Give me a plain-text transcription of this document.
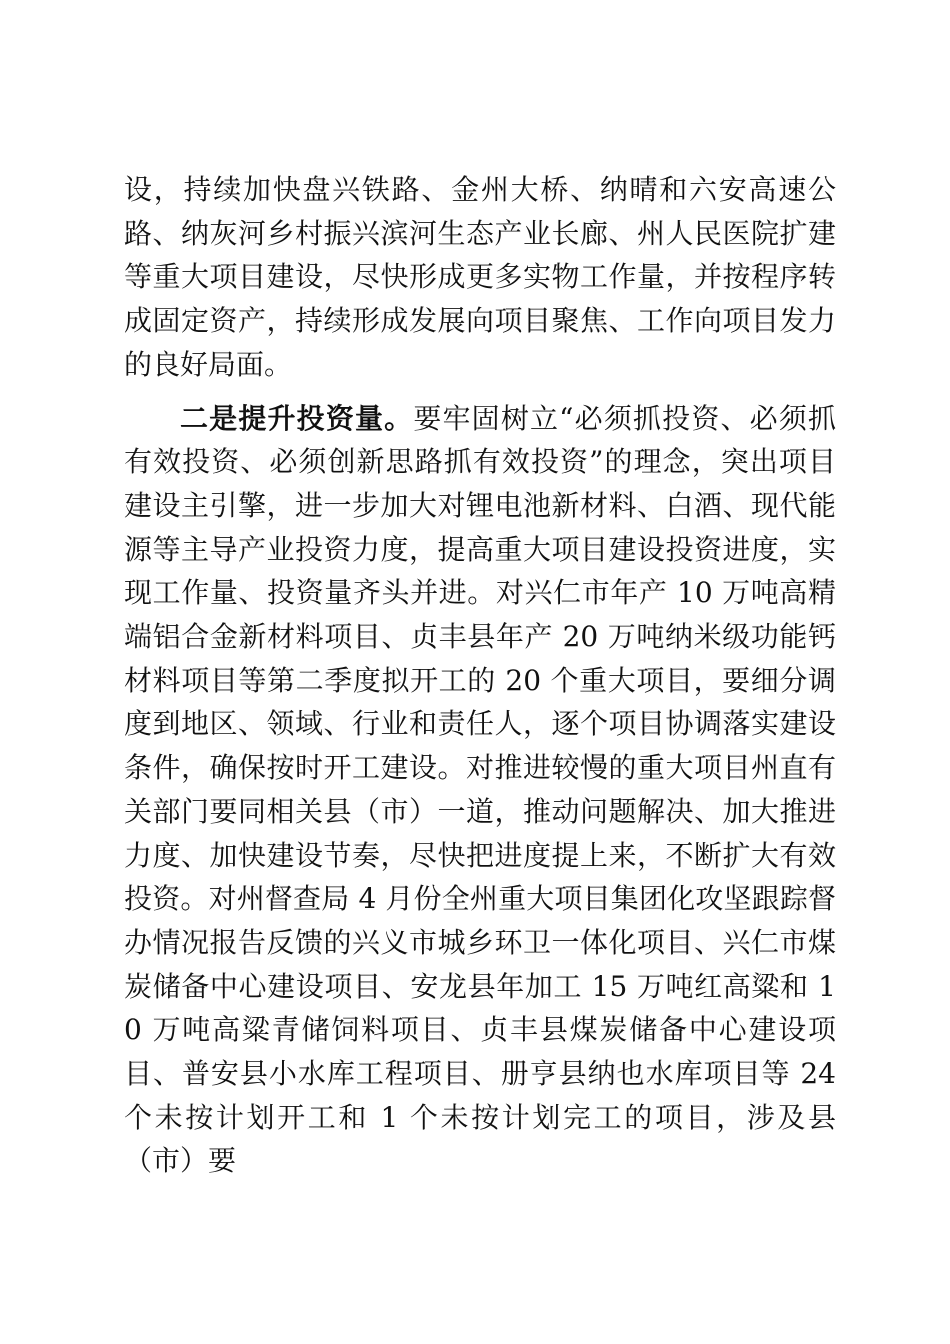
设，持续加快盘兴铁路、金州大桥、纳晴和六安高速公路、纳灰河乡村振兴滨河生态产业长廊、州人民医院扩建等重大项目建设，尽快形成更多实物工作量，并按程序转成固定资产，持续形成发展向项目聚焦、工作向项目发力的良好局面。

二是提升投资量。要牢固树立“必须抓投资、必须抓有效投资、必须创新思路抓有效投资”的理念，突出项目建设主引擎，进一步加大对锂电池新材料、白酒、现代能源等主导产业投资力度，提高重大项目建设投资进度，实现工作量、投资量齐头并进。对兴仁市年产 10 万吨高精端铝合金新材料项目、贞丰县年产 20 万吨纳米级功能钙材料项目等第二季度拟开工的 20 个重大项目，要细分调度到地区、领域、行业和责任人，逐个项目协调落实建设条件，确保按时开工建设。对推进较慢的重大项目州直有关部门要同相关县（市）一道，推动问题解决、加大推进力度、加快建设节奏，尽快把进度提上来，不断扩大有效投资。对州督查局 4 月份全州重大项目集团化攻坚跟踪督办情况报告反馈的兴义市城乡环卫一体化项目、兴仁市煤炭储备中心建设项目、安龙县年加工 15 万吨红高粱和 10 万吨高粱青储饲料项目、贞丰县煤炭储备中心建设项目、普安县小水库工程项目、册亨县纳也水库项目等 24 个未按计划开工和 1 个未按计划完工的项目，涉及县（市）要
